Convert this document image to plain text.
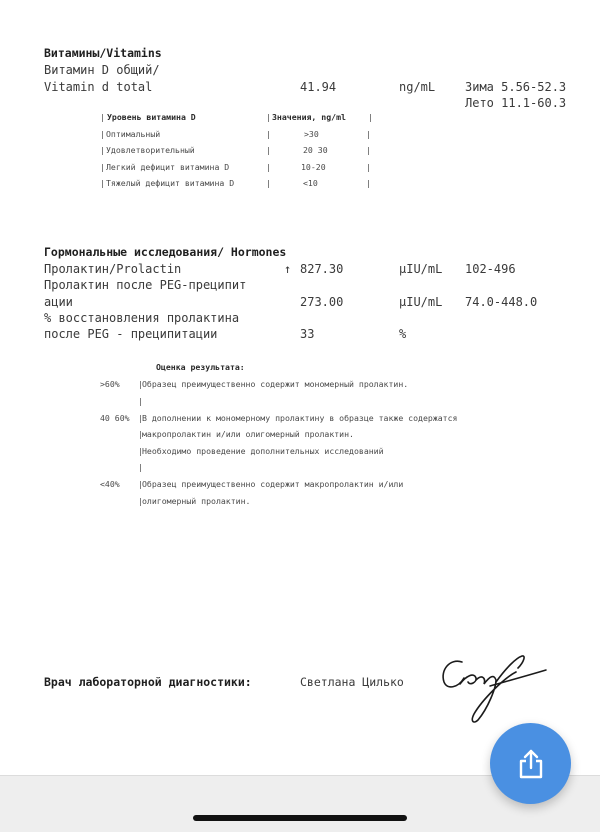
Витамины/Vitamins
Витамин D общий/
Vitamin d total	41.94	ng/mL Зима 5.56-52.3
Лето 11.1-60.3
| Уровень витамина D	| Значения, ng/ml	|
| Оптимальный	|	>30	|
| Удовлетворительный	|	20 30	|
| Легкий дефицит витамина D	|	10-20	|
| Тяжелый дефицит витамина D	|	<10	|
Гормональные исследования/ Hormones
Пролактин/Prolactin	↑ 827.30	µIU/mL 102-496
Пролактин после PEG-преципит
ации	273.00	µIU/mL 74.0-448.0
% восстановления пролактина
после PEG - преципитации	33	%
Оценка результата:
>60% | Образец преимущественно содержит мономерный пролактин.
|
40 60% | В дополнении к мономерному пролактину в образце также содержатся
| макропролактин и/или олигомерный пролактин.
| Необходимо проведение дополнительных исследований
|
<40% | Образец преимущественно содержит макропролактин и/или
| олигомерный пролактин.
Врач лабораторной диагностики:	Светлана Цилько
